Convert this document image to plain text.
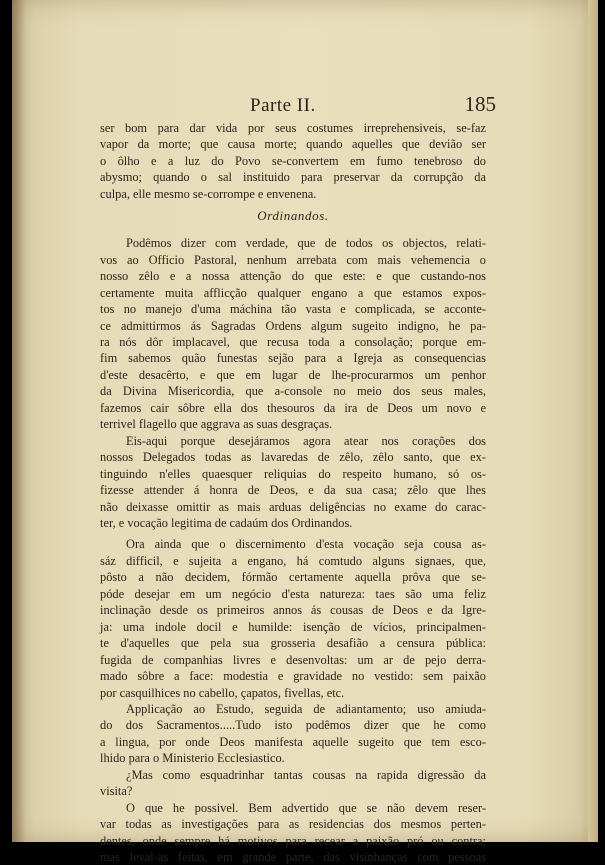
Parte II.	185

ser bom para dar vida por seus costumes irreprehensiveis, se-faz

vapor da morte; que causa morte; quando aquelles que devião ser

o ôlho e a luz do Povo se-convertem em fumo tenebroso do

abysmo; quando o sal instituido para preservar da corrupção da

culpa, elle mesmo se-corrompe e envenena.

Ordinandos.

Podêmos dizer com verdade, que de todos os objectos, relati-

vos ao Officio Pastoral, nenhum arrebata com mais vehemencia o

nosso zêlo e a nossa attenção do que este: e que custando-nos

certamente muita afflicção qualquer engano a que estamos expos-

tos no manejo d'uma máchina tão vasta e complicada, se acconte-

ce admittirmos ás Sagradas Ordens algum sugeito indigno, he pa-

ra nós dôr implacavel, que recusa toda a consolação; porque em-

fim sabemos quão funestas sejão para a Igreja as consequencias

d'este desacêrto, e que em lugar de lhe-procurarmos um penhor

da Divina Misericordia, que a-console no meio dos seus males,

fazemos cair sôbre ella dos thesouros da ira de Deos um novo e

terrivel flagello que aggrava as suas desgraças.

Eis-aqui porque desejáramos agora atear nos corações dos

nossos Delegados todas as lavaredas de zêlo, zêlo santo, que ex-

tinguindo n'elles quaesquer reliquias do respeito humano, só os-

fizesse attender á honra de Deos, e da sua casa; zêlo que lhes

não deixasse omittir as mais arduas deligências no exame do carac-

ter, e vocação legitima de cadaúm dos Ordinandos.

Ora ainda que o discernimento d'esta vocação seja cousa as-

sáz difficil, e sujeita a engano, há comtudo alguns signaes, que,

pôsto a não decidem, fórmão certamente aquella prôva que se-

póde desejar em um negócio d'esta natureza: taes são uma feliz

inclinação desde os primeiros annos ás cousas de Deos e da Igre-

ja: uma indole docil e humilde: isenção de vícios, principalmen-

te d'aquelles que pela sua grosseria desafião a censura pública:

fugida de companhias livres e desenvoltas: um ar de pejo derra-

mado sôbre a face: modestia e gravidade no vestido: sem paixão

por casquilhices no cabello, çapatos, fivellas, etc.

Applicação ao Estudo, seguida de adiantamento; uso amiuda-

do dos Sacramentos.....Tudo isto podêmos dizer que he como

a lingua, por onde Deos manifesta aquelle sugeito que tem esco-

lhido para o Ministerio Ecclesiastico.

¿Mas como esquadrinhar tantas cousas na rapida digressão da

visita?

O que he possivel. Bem advertido que se não devem reser-

var todas as investigações para as residencias dos mesmos perten-

dentes, onde sempre há motivos para recear a paixão pró ou contra;

mas leval-as feitas, em grande parte, das visinhanças com pessoas
